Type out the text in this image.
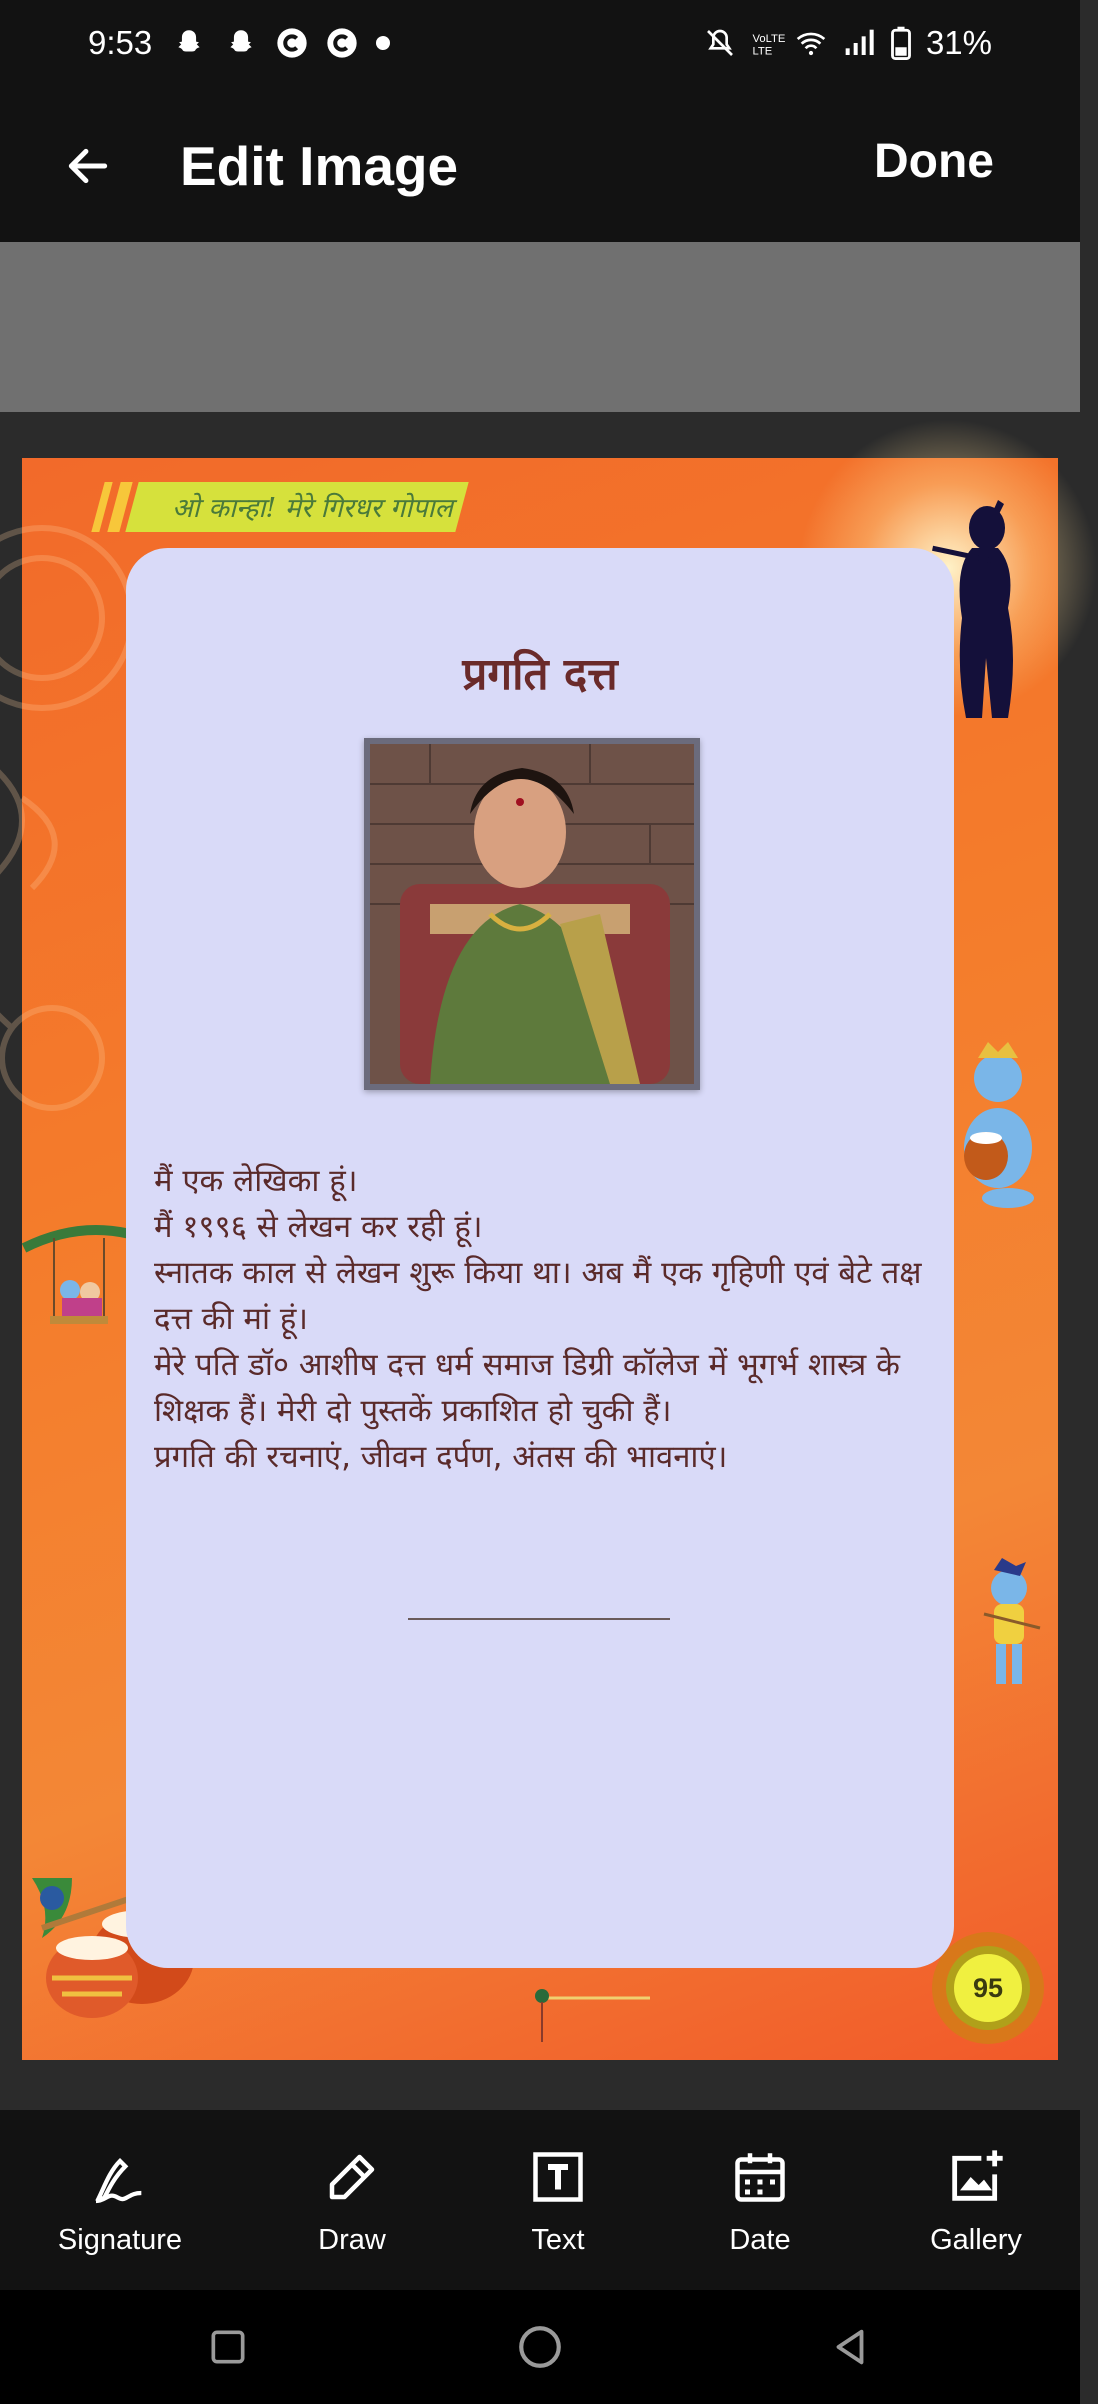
9:53	VoLTE
LTE	31%
Edit Image	Done
ओ कान्हा! मेरे गिरधर गोपाल
प्रगति दत्त
मैं एक लेखिका हूं।
मैं १९९६ से लेखन कर रही हूं।
स्नातक काल से लेखन शुरू किया था। अब मैं एक गृहिणी एवं बेटे तक्ष
दत्त की मां हूं।
मेरे पति डॉ० आशीष दत्त धर्म समाज डिग्री कॉलेज में भूगर्भ शास्त्र के
शिक्षक हैं। मेरी दो पुस्तकें प्रकाशित हो चुकी हैं।
प्रगति की रचनाएं, जीवन दर्पण, अंतस की भावनाएं।
95
Signature	Draw	Text	Date	Gallery
